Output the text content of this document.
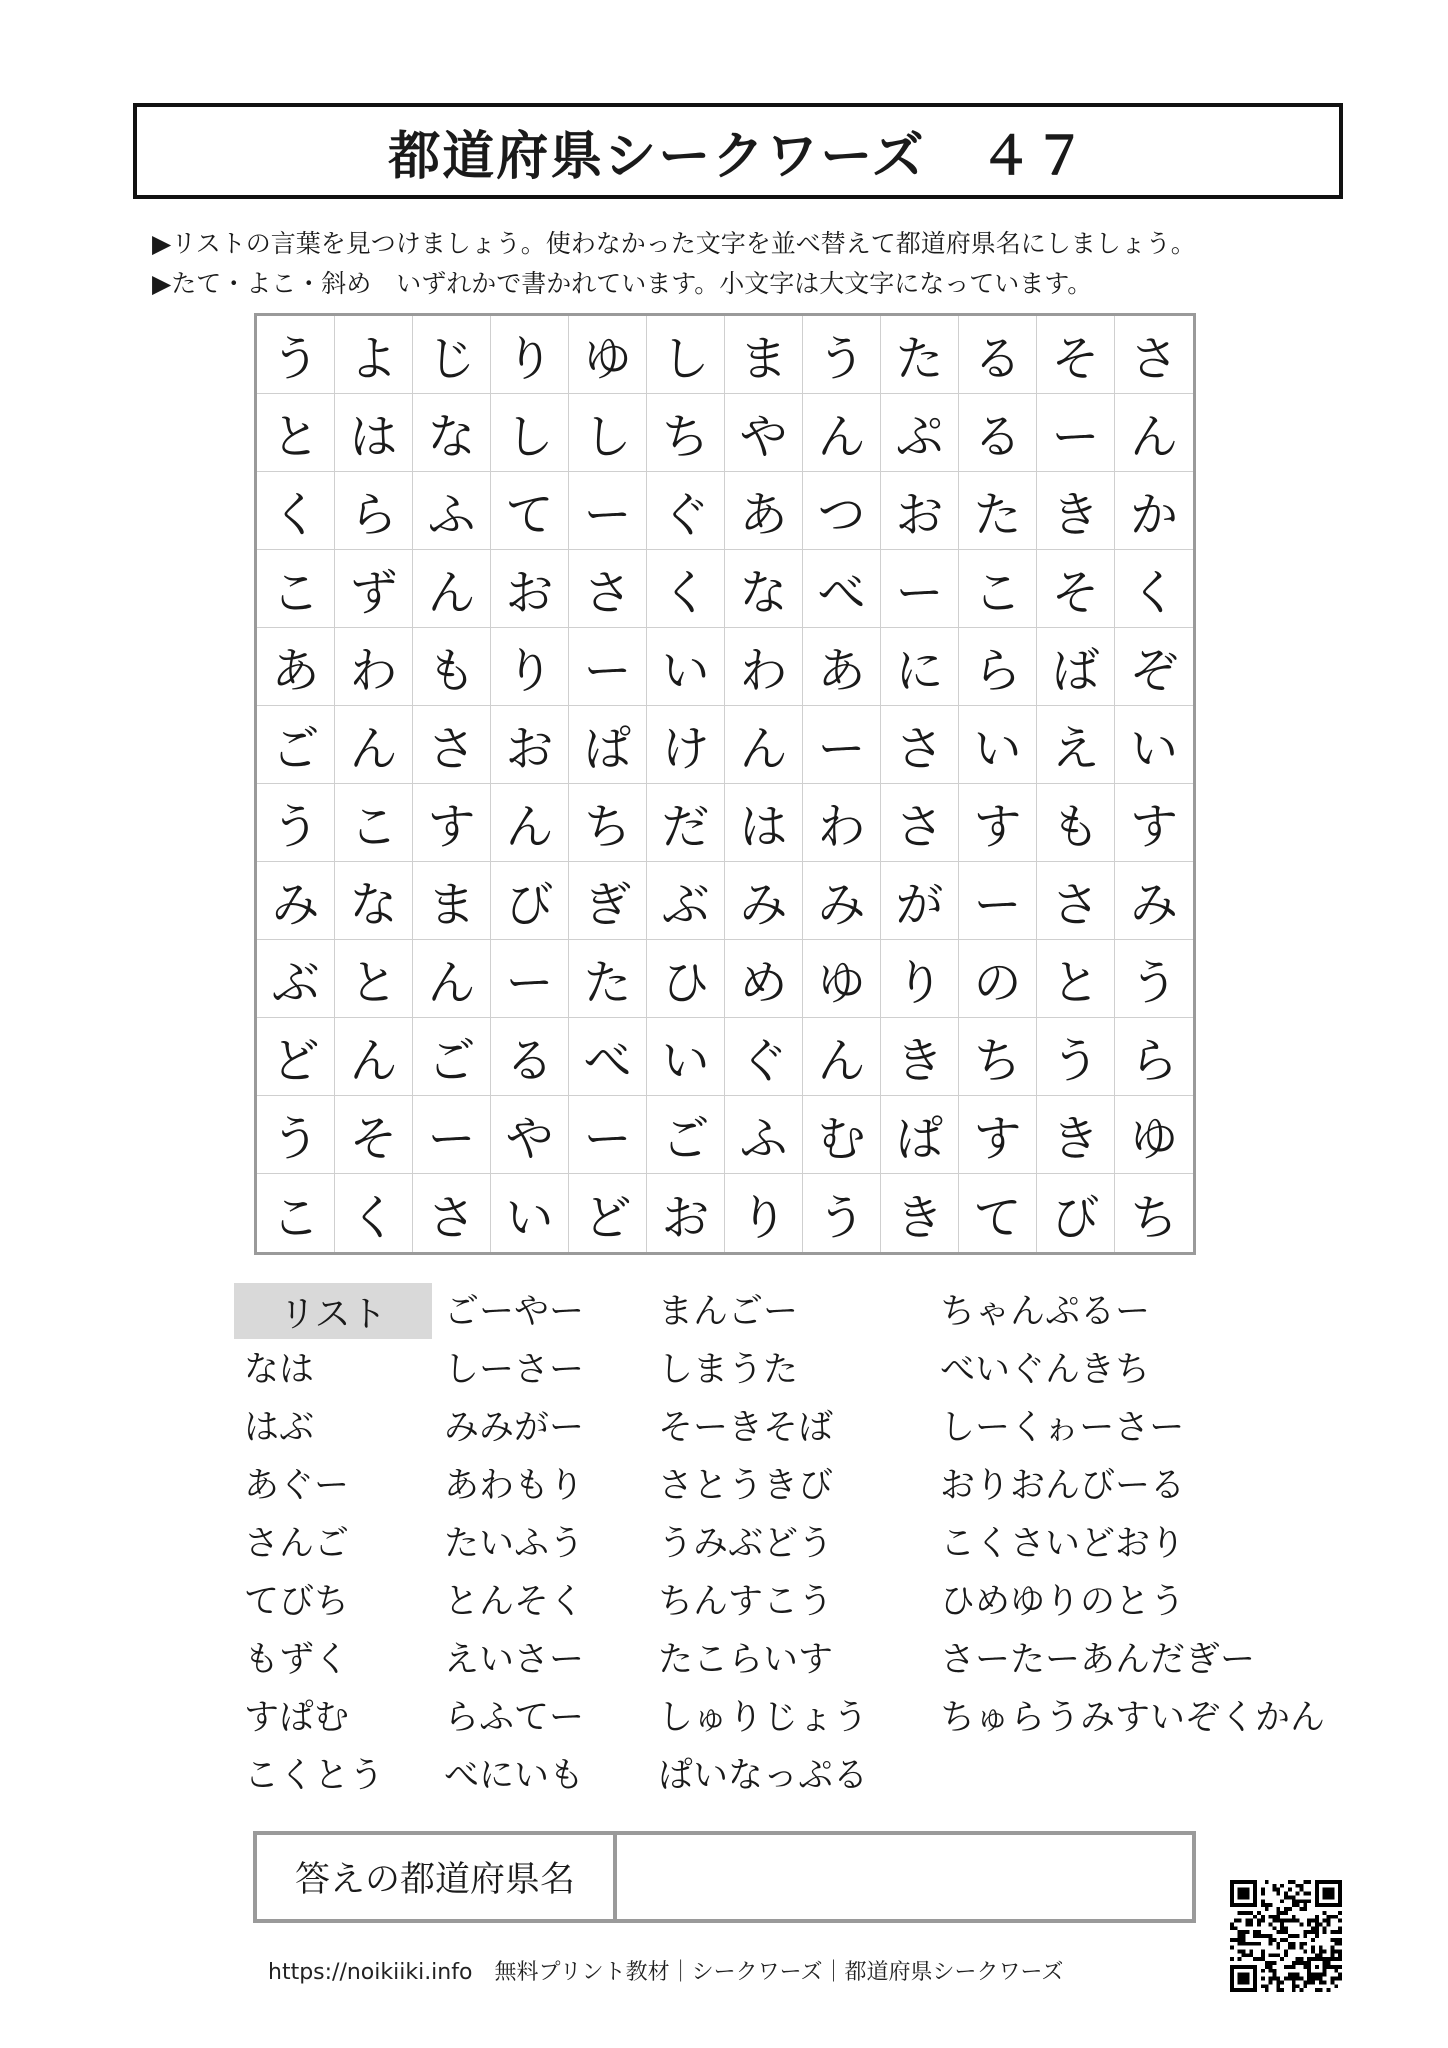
都道府県シークワーズ　４７
▶リストの言葉を見つけましょう。使わなかった文字を並べ替えて都道府県名にしましょう。
▶たて・よこ・斜め　いずれかで書かれています。小文字は大文字になっています。
う よ じ り ゆ し ま う た る そ さ
と は な し し ち や ん ぷ る ー ん
く ら ふ て ー ぐ あ つ お た き か
こ ず ん お さ く な べ ー こ そ く
あ わ も り ー い わ あ に ら ば ぞ
ご ん さ お ぱ け ん ー さ い え い
う こ す ん ち だ は わ さ す も す
み な ま び ぎ ぶ み み が ー さ み
ぶ と ん ー た ひ め ゆ り の と う
ど ん ご る べ い ぐ ん き ち う ら
う そ ー や ー ご ふ む ぱ す き ゆ
こ く さ い ど お り う き て び ち
リスト
なは
はぶ
あぐー
さんご
てびち
もずく
すぱむ
こくとう
ごーやー
しーさー
みみがー
あわもり
たいふう
とんそく
えいさー
らふてー
べにいも
まんごー
しまうた
そーきそば
さとうきび
うみぶどう
ちんすこう
たこらいす
しゅりじょう
ぱいなっぷる
ちゃんぷるー
べいぐんきち
しーくゎーさー
おりおんびーる
こくさいどおり
ひめゆりのとう
さーたーあんだぎー
ちゅらうみすいぞくかん
答えの都道府県名
https://noikiiki.info　無料プリント教材｜シークワーズ｜都道府県シークワーズ
